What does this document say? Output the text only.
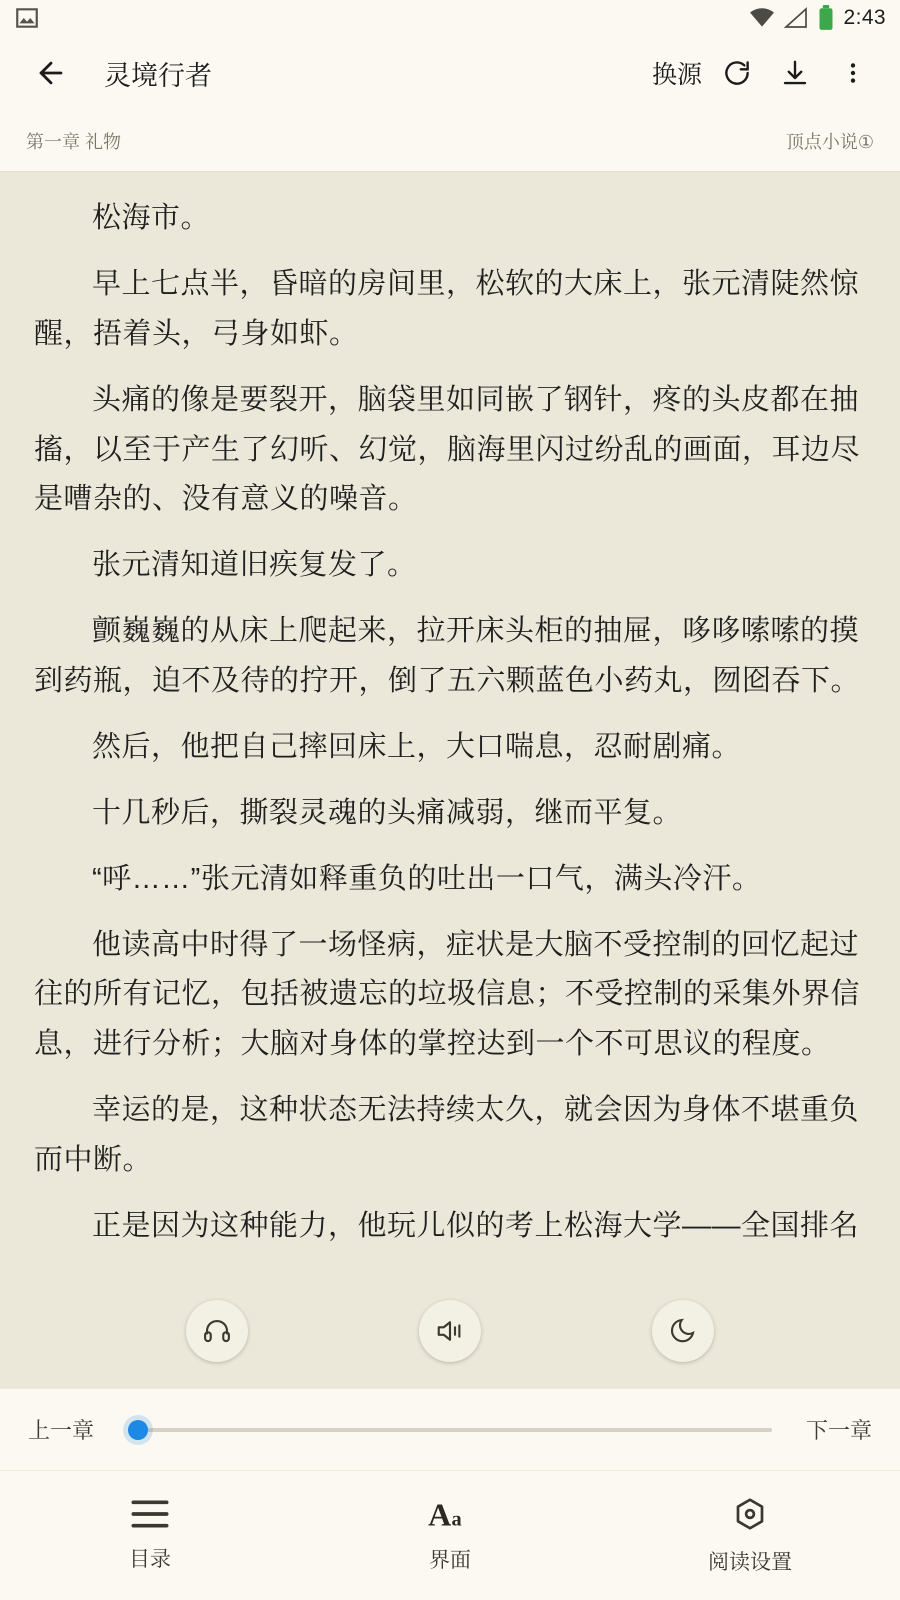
2:43
灵境行者	换源
第一章 礼物	顶点小说①

松海市。

早上七点半，昏暗的房间里，松软的大床上，张元清陡然惊醒，捂着头，弓身如虾。

头痛的像是要裂开，脑袋里如同嵌了钢针，疼的头皮都在抽搐，以至于产生了幻听、幻觉，脑海里闪过纷乱的画面，耳边尽是嘈杂的、没有意义的噪音。

张元清知道旧疾复发了。

颤巍巍的从床上爬起来，拉开床头柜的抽屉，哆哆嗦嗦的摸到药瓶，迫不及待的拧开，倒了五六颗蓝色小药丸，囫囵吞下。

然后，他把自己摔回床上，大口喘息，忍耐剧痛。

十几秒后，撕裂灵魂的头痛减弱，继而平复。

“呼……”张元清如释重负的吐出一口气，满头冷汗。

他读高中时得了一场怪病，症状是大脑不受控制的回忆起过往的所有记忆，包括被遗忘的垃圾信息；不受控制的采集外界信息，进行分析；大脑对身体的掌控达到一个不可思议的程度。

幸运的是，这种状态无法持续太久，就会因为身体不堪重负而中断。

正是因为这种能力，他玩儿似的考上松海大学——全国排名

上一章	下一章
目录
A a
界面	阅读设置
